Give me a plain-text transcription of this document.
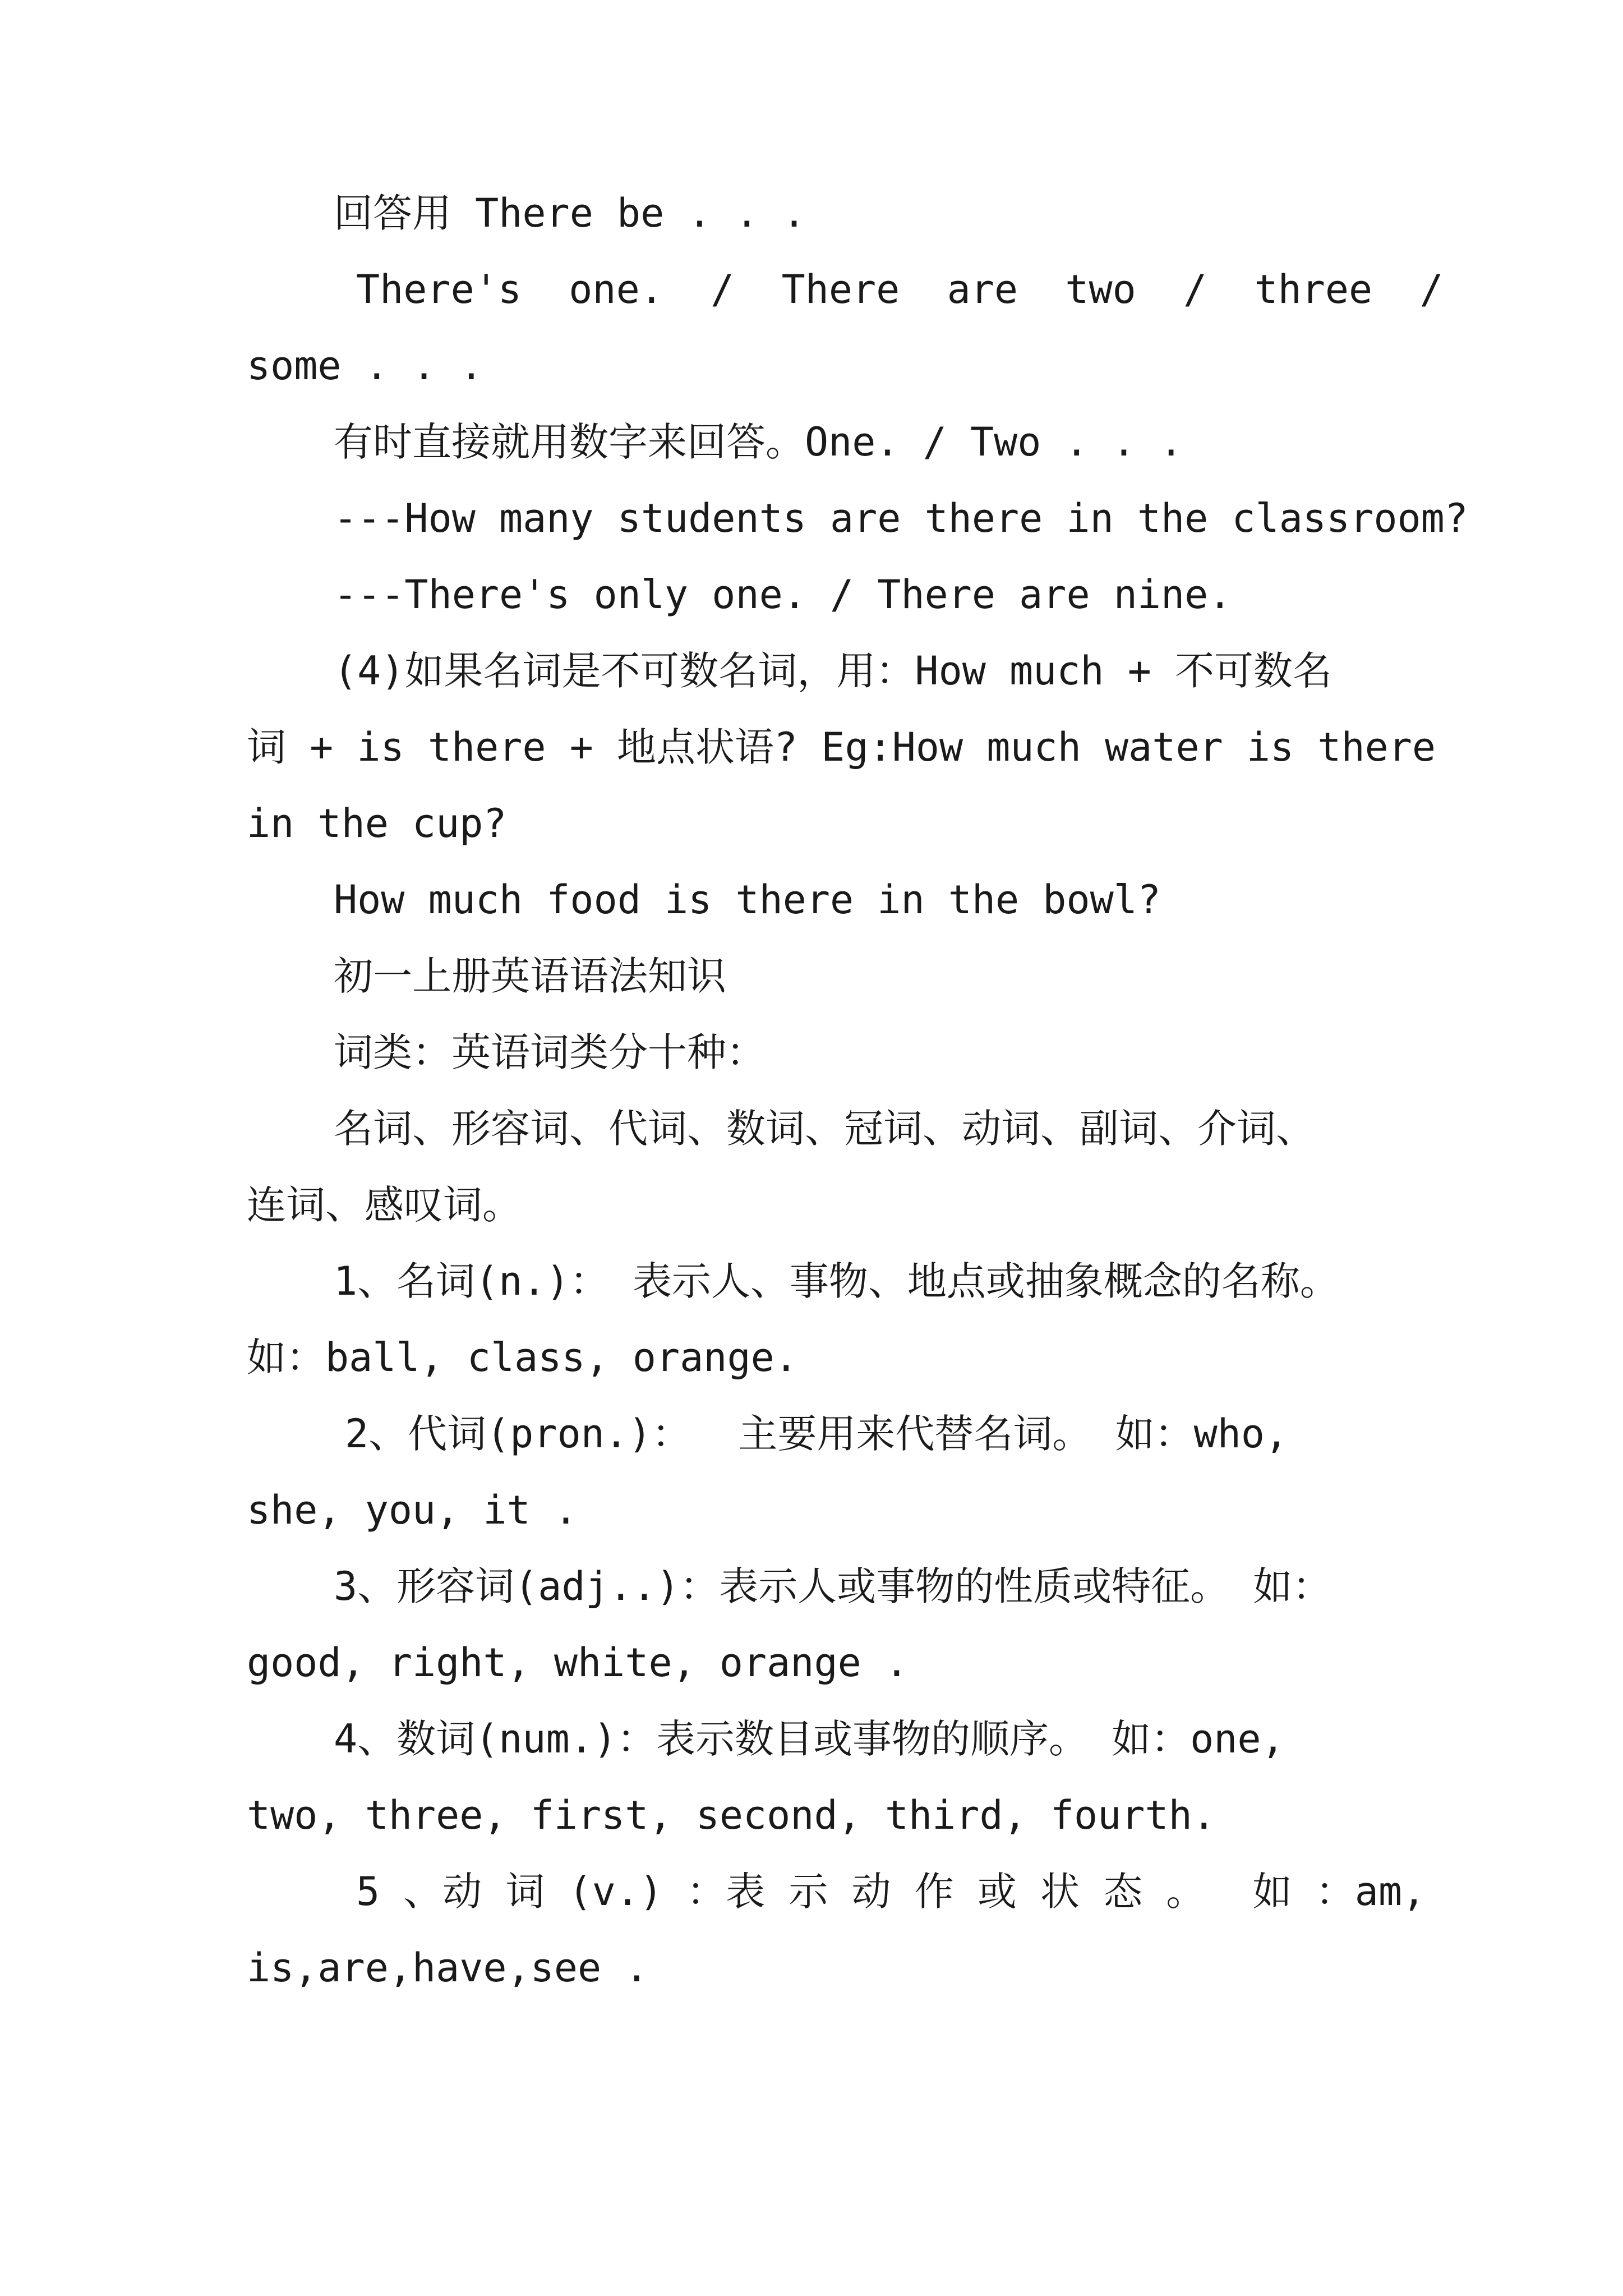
回答用 There be . . .
There's  one.  /  There  are  two  /  three  /
some . . .
有时直接就用数字来回答。One. / Two . . .
---How many students are there in the classroom?
---There's only one. / There are nine.
(4)如果名词是不可数名词，用：How much + 不可数名
词 + is there + 地点状语? Eg:How much water is there
in the cup?
How much food is there in the bowl?
初一上册英语语法知识
词类：英语词类分十种：
名词、形容词、代词、数词、冠词、动词、副词、介词、
连词、感叹词。
1、名词(n.)： 表示人、事物、地点或抽象概念的名称。
如：ball, class, orange.
2、代词(pron.)：  主要用来代替名词。 如：who,
she, you, it .
3、形容词(adj..)：表示人或事物的性质或特征。 如：
good, right, white, orange .
4、数词(num.)：表示数目或事物的顺序。 如：one,
two, three, first, second, third, fourth.
5 、动 词 (v.) ：表 示 动 作 或 状 态 。  如 ：am,
is,are,have,see .
